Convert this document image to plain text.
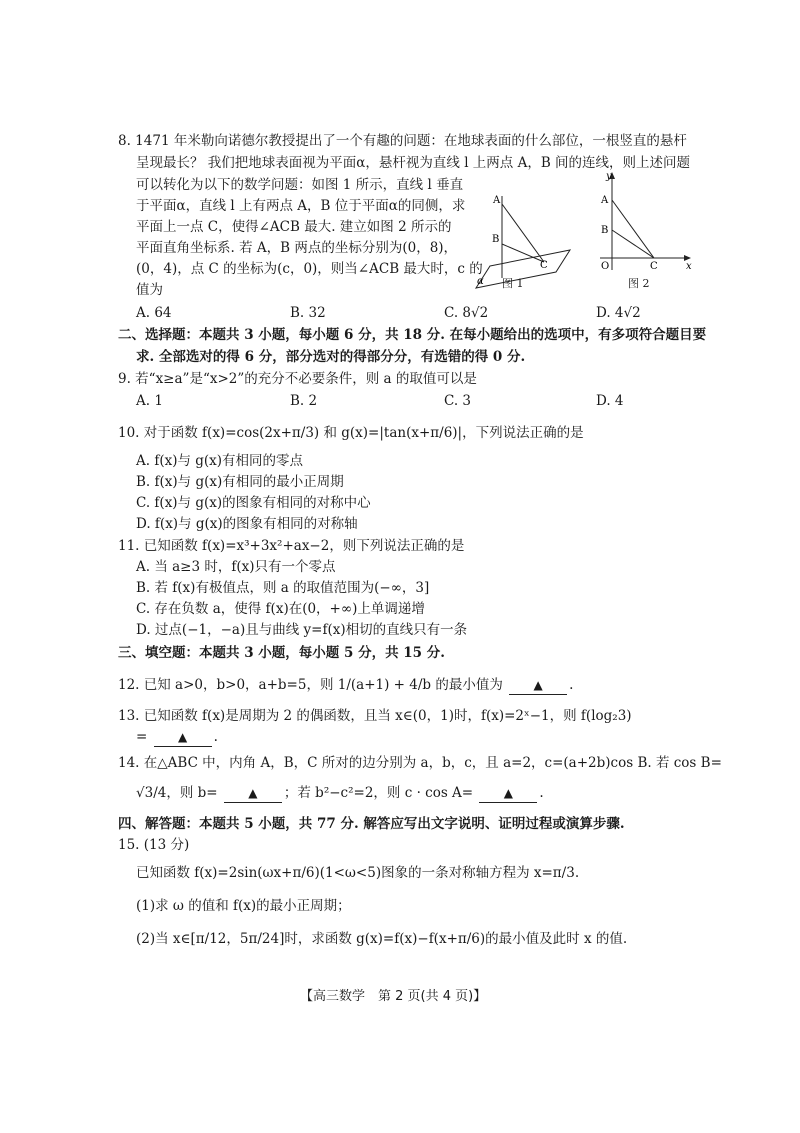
8. 1471 年米勒向诺德尔教授提出了一个有趣的问题：在地球表面的什么部位，一根竖直的悬杆
呈现最长？ 我们把地球表面视为平面α，悬杆视为直线 l 上两点 A，B 间的连线，则上述问题
可以转化为以下的数学问题：如图 1 所示，直线 l 垂直
于平面α，直线 l 上有两点 A，B 位于平面α的同侧，求
平面上一点 C，使得∠ACB 最大. 建立如图 2 所示的
平面直角坐标系. 若 A，B 两点的坐标分别为(0，8)，
(0，4)，点 C 的坐标为(c，0)，则当∠ACB 最大时，c 的
值为
A
B
C
α 图 1
y
A
B
O	C	x
图 2
A. 64	B. 32	C. 8√2	D. 4√2
二、选择题：本题共 3 小题，每小题 6 分，共 18 分. 在每小题给出的选项中，有多项符合题目要
求. 全部选对的得 6 分，部分选对的得部分分，有选错的得 0 分.
9. 若“x≥a”是“x>2”的充分不必要条件，则 a 的取值可以是
A. 1	B. 2	C. 3	D. 4
10. 对于函数 f(x)=cos(2x+π/3) 和 g(x)=|tan(x+π/6)|，下列说法正确的是
A. f(x)与 g(x)有相同的零点
B. f(x)与 g(x)有相同的最小正周期
C. f(x)与 g(x)的图象有相同的对称中心
D. f(x)与 g(x)的图象有相同的对称轴
11. 已知函数 f(x)=x³+3x²+ax−2，则下列说法正确的是
A. 当 a≥3 时，f(x)只有一个零点
B. 若 f(x)有极值点，则 a 的取值范围为(−∞，3]
C. 存在负数 a，使得 f(x)在(0，+∞)上单调递增
D. 过点(−1，−a)且与曲线 y=f(x)相切的直线只有一条
三、填空题：本题共 3 小题，每小题 5 分，共 15 分.
12. 已知 a>0，b>0，a+b=5，则 1/(a+1) + 4/b 的最小值为	▲ .
13. 已知函数 f(x)是周期为 2 的偶函数，且当 x∈(0，1)时，f(x)=2ˣ−1，则 f(log₂3)
=	▲ .
14. 在△ABC 中，内角 A，B，C 所对的边分别为 a，b，c，且 a=2，c=(a+2b)cos B. 若 cos B=
√3/4，则 b=	▲ ；若 b²−c²=2，则 c · cos A=	▲ .
四、解答题：本题共 5 小题，共 77 分. 解答应写出文字说明、证明过程或演算步骤.
15. (13 分)
已知函数 f(x)=2sin(ωx+π/6)(1<ω<5)图象的一条对称轴方程为 x=π/3.
(1)求 ω 的值和 f(x)的最小正周期；
(2)当 x∈[π/12，5π/24]时，求函数 g(x)=f(x)−f(x+π/6)的最小值及此时 x 的值.
【高三数学　第 2 页(共 4 页)】
